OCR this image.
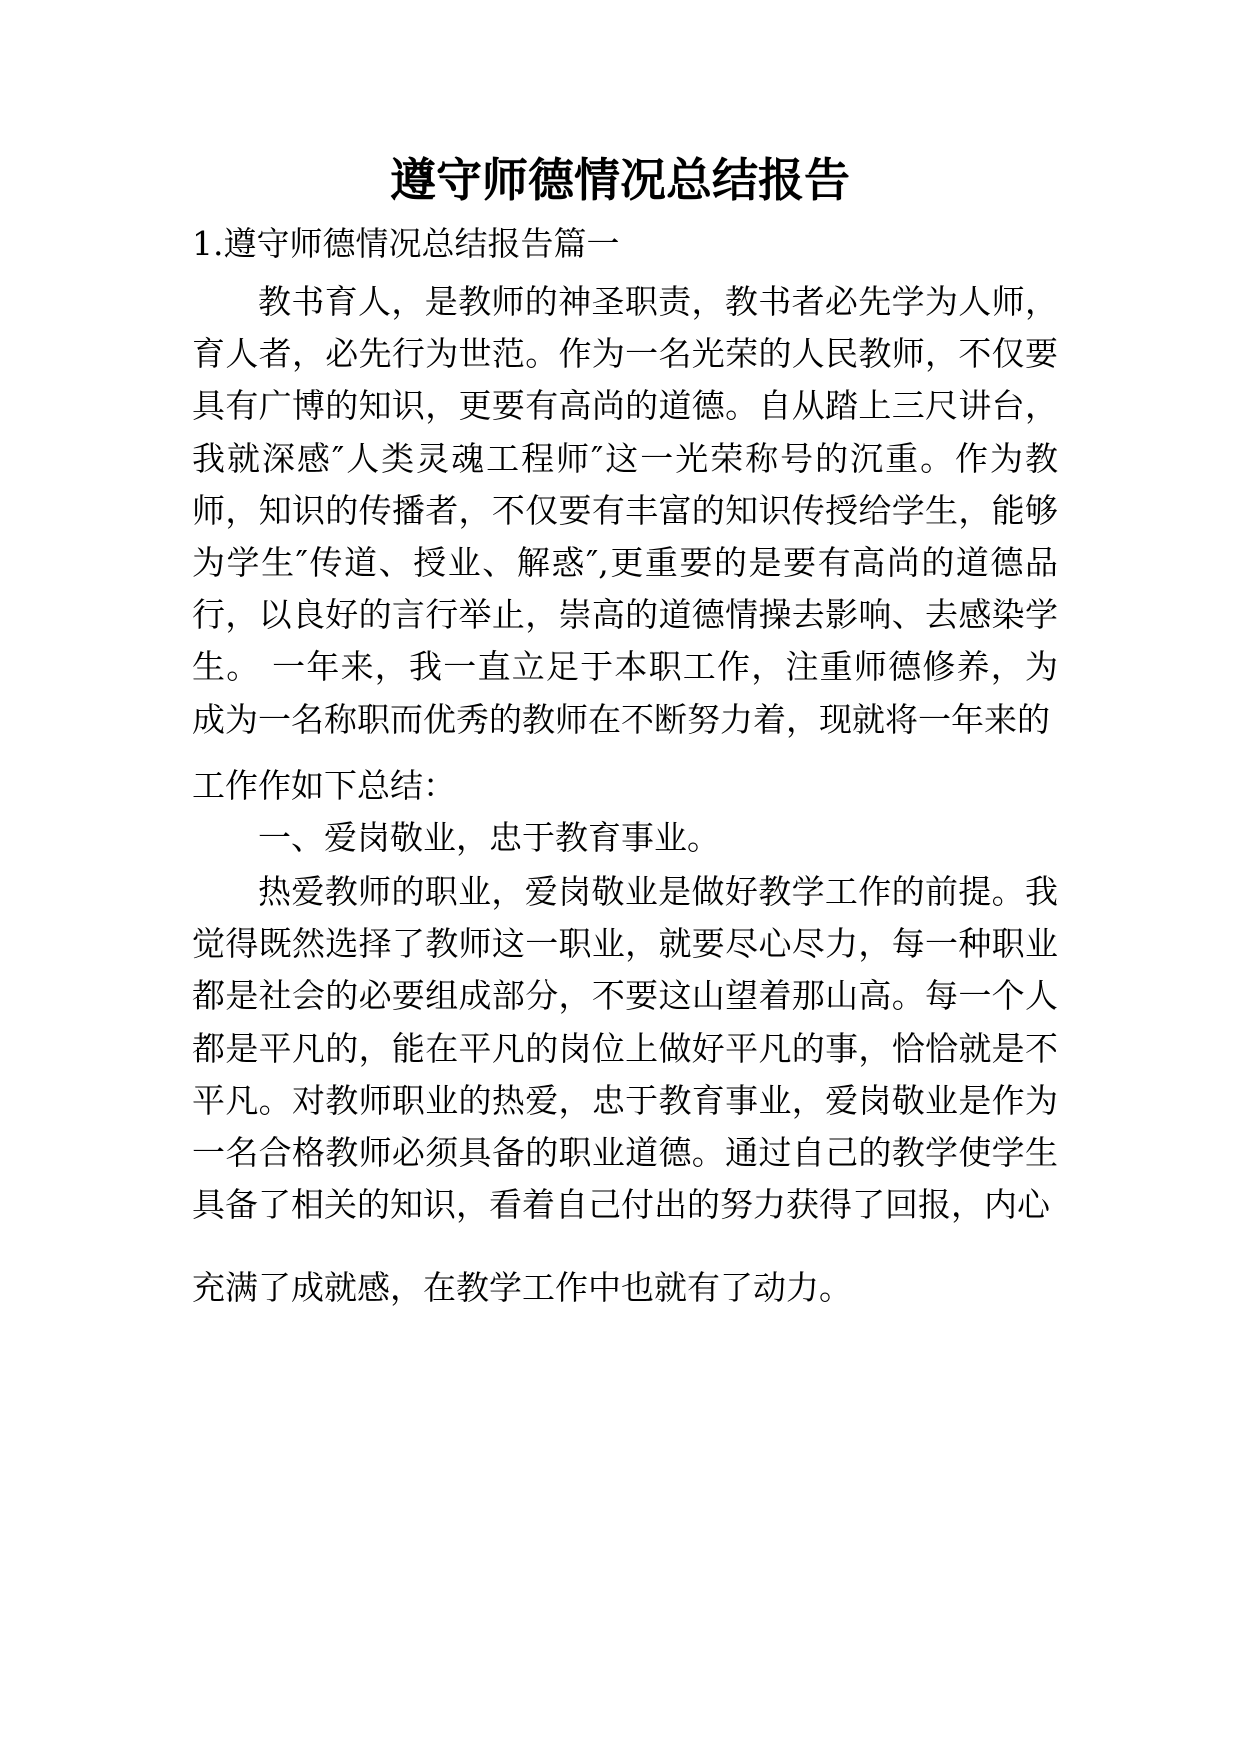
遵守师德情况总结报告

1.遵守师德情况总结报告篇一

教书育人，是教师的神圣职责，教书者必先学为人师，育人者，必先行为世范。作为一名光荣的人民教师，不仅要具有广博的知识，更要有高尚的道德。自从踏上三尺讲台，我就深感″人类灵魂工程师″这一光荣称号的沉重。作为教师，知识的传播者，不仅要有丰富的知识传授给学生，能够为学生″传道、授业、解惑″,更重要的是要有高尚的道德品行，以良好的言行举止，崇高的道德情操去影响、去感染学生。 一年来，我一直立足于本职工作，注重师德修养，为成为一名称职而优秀的教师在不断努力着，现就将一年来的

工作作如下总结：

一、爱岗敬业，忠于教育事业。

热爱教师的职业，爱岗敬业是做好教学工作的前提。我觉得既然选择了教师这一职业，就要尽心尽力，每一种职业都是社会的必要组成部分，不要这山望着那山高。每一个人都是平凡的，能在平凡的岗位上做好平凡的事，恰恰就是不平凡。对教师职业的热爱，忠于教育事业，爱岗敬业是作为一名合格教师必须具备的职业道德。通过自己的教学使学生具备了相关的知识，看着自己付出的努力获得了回报，内心

充满了成就感，在教学工作中也就有了动力。
